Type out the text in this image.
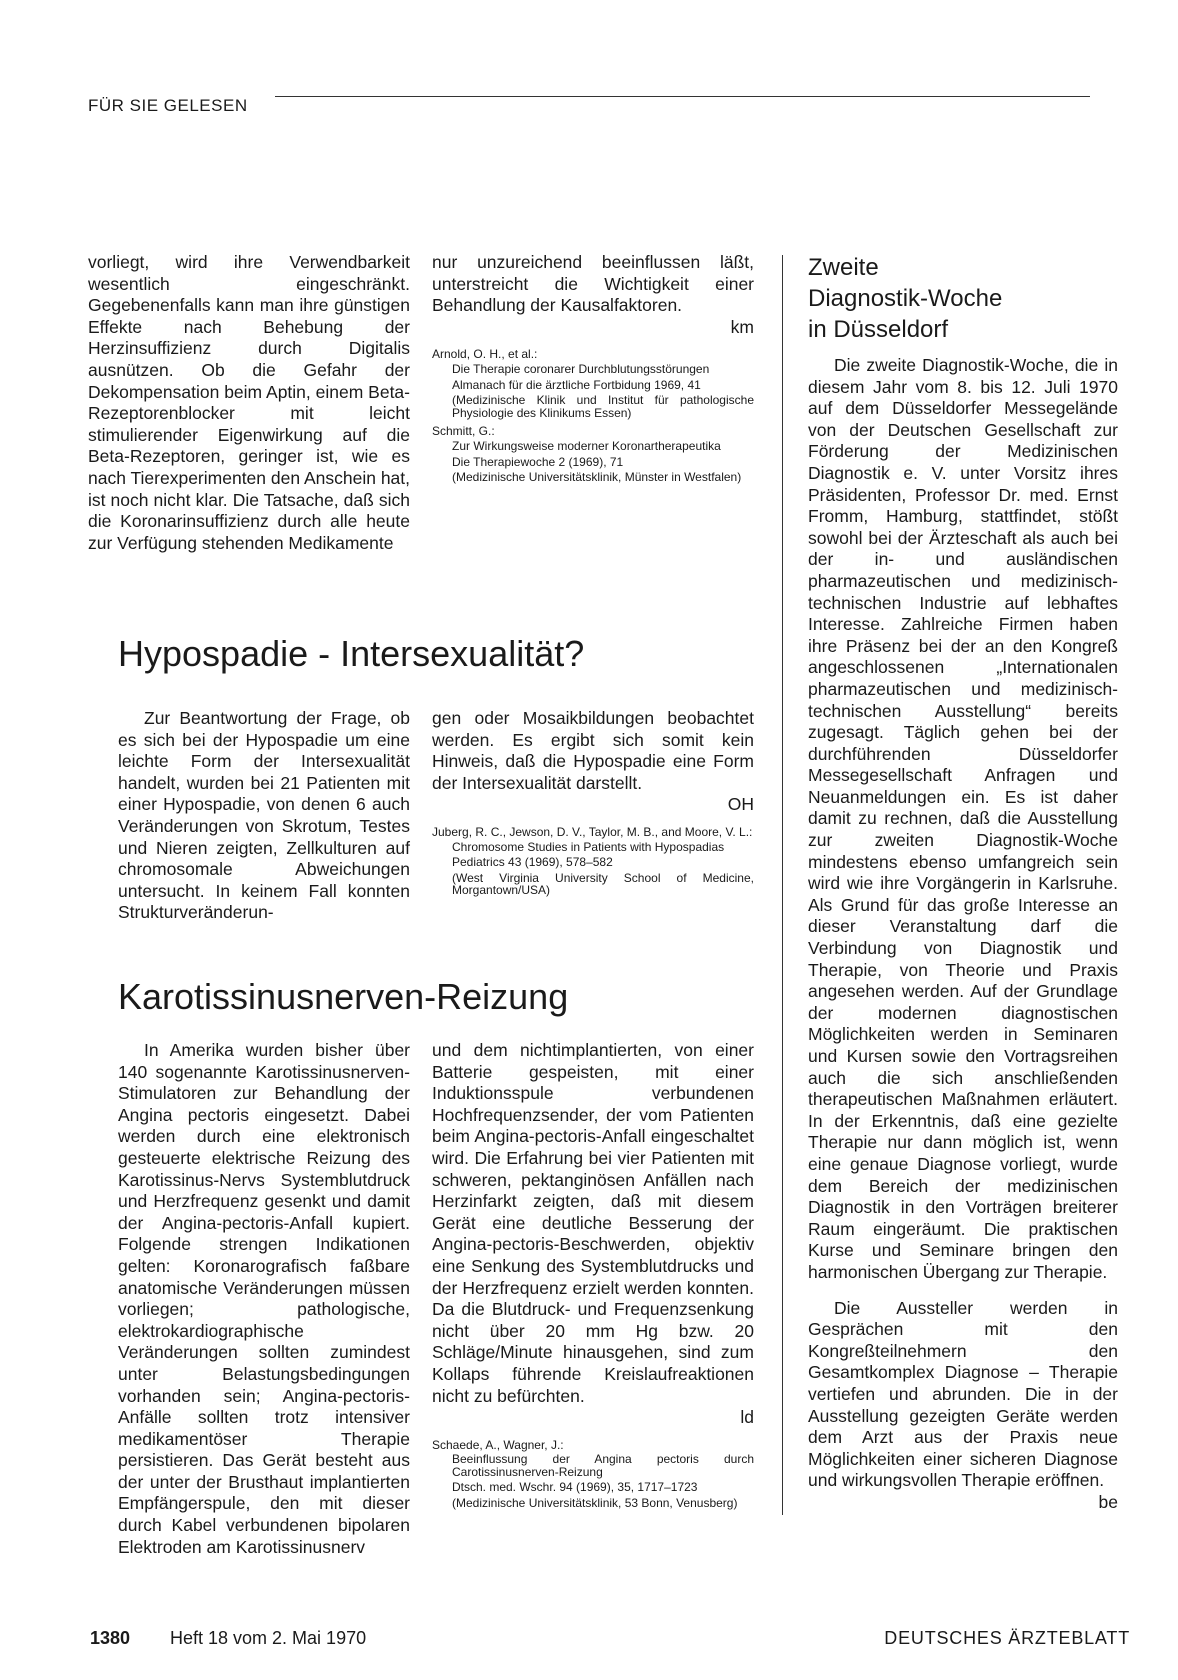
FÜR SIE GELESEN

vorliegt, wird ihre Verwendbarkeit wesentlich eingeschränkt. Gegebenenfalls kann man ihre günstigen Effekte nach Behebung der Herzinsuffizienz durch Digitalis ausnützen. Ob die Gefahr der Dekompensation beim Aptin, einem Beta-Rezeptorenblocker mit leicht stimulierender Eigenwirkung auf die Beta-Rezeptoren, geringer ist, wie es nach Tierexperimenten den Anschein hat, ist noch nicht klar. Die Tatsache, daß sich die Koronarinsuffizienz durch alle heute zur Verfügung stehenden Medikamente

nur unzureichend beeinflussen läßt, unterstreicht die Wichtigkeit einer Behandlung der Kausalfaktoren.
km

Arnold, O. H., et al.:
Die Therapie coronarer Durchblutungsstörungen
Almanach für die ärztliche Fortbidung 1969, 41
(Medizinische Klinik und Institut für pathologische Physiologie des Klinikums Essen)
Schmitt, G.:
Zur Wirkungsweise moderner Koronartherapeutika
Die Therapiewoche 2 (1969), 71
(Medizinische Universitätsklinik, Münster in Westfalen)
Hypospadie - Intersexualität?

Zur Beantwortung der Frage, ob es sich bei der Hypospadie um eine leichte Form der Intersexualität handelt, wurden bei 21 Patienten mit einer Hypospadie, von denen 6 auch Veränderungen von Skrotum, Testes und Nieren zeigten, Zellkulturen auf chromosomale Abweichungen untersucht. In keinem Fall konnten Strukturveränderun-

gen oder Mosaikbildungen beobachtet werden. Es ergibt sich somit kein Hinweis, daß die Hypospadie eine Form der Intersexualität darstellt.
OH

Juberg, R. C., Jewson, D. V., Taylor, M. B., and Moore, V. L.:
Chromosome Studies in Patients with Hypospadias
Pediatrics 43 (1969), 578–582
(West Virginia University School of Medicine, Morgantown/USA)
Karotissinusnerven-Reizung

In Amerika wurden bisher über 140 sogenannte Karotissinusnerven-Stimulatoren zur Behandlung der Angina pectoris eingesetzt. Dabei werden durch eine elektronisch gesteuerte elektrische Reizung des Karotissinus-Nervs Systemblutdruck und Herzfrequenz gesenkt und damit der Angina-pectoris-Anfall kupiert. Folgende strengen Indikationen gelten: Koronarografisch faßbare anatomische Veränderungen müssen vorliegen; pathologische, elektrokardiographische Veränderungen sollten zumindest unter Belastungsbedingungen vorhanden sein; Angina-pectoris-Anfälle sollten trotz intensiver medikamentöser Therapie persistieren. Das Gerät besteht aus der unter der Brusthaut implantierten Empfängerspule, den mit dieser durch Kabel verbundenen bipolaren Elektroden am Karotissinusnerv

und dem nichtimplantierten, von einer Batterie gespeisten, mit einer Induktionsspule verbundenen Hochfrequenzsender, der vom Patienten beim Angina-pectoris-Anfall eingeschaltet wird. Die Erfahrung bei vier Patienten mit schweren, pektanginösen Anfällen nach Herzinfarkt zeigten, daß mit diesem Gerät eine deutliche Besserung der Angina-pectoris-Beschwerden, objektiv eine Senkung des Systemblutdrucks und der Herzfrequenz erzielt werden konnten. Da die Blutdruck- und Frequenzsenkung nicht über 20 mm Hg bzw. 20 Schläge/Minute hinausgehen, sind zum Kollaps führende Kreislaufreaktionen nicht zu befürchten.
ld

Schaede, A., Wagner, J.:
Beeinflussung der Angina pectoris durch Carotissinusnerven-Reizung
Dtsch. med. Wschr. 94 (1969), 35, 1717–1723
(Medizinische Universitätsklinik, 53 Bonn, Venusberg)
Zweite
Diagnostik-Woche
in Düsseldorf

Die zweite Diagnostik-Woche, die in diesem Jahr vom 8. bis 12. Juli 1970 auf dem Düsseldorfer Messegelände von der Deutschen Gesellschaft zur Förderung der Medizinischen Diagnostik e. V. unter Vorsitz ihres Präsidenten, Professor Dr. med. Ernst Fromm, Hamburg, stattfindet, stößt sowohl bei der Ärzteschaft als auch bei der in- und ausländischen pharmazeutischen und medizinisch-technischen Industrie auf lebhaftes Interesse. Zahlreiche Firmen haben ihre Präsenz bei der an den Kongreß angeschlossenen „Internationalen pharmazeutischen und medizinisch-technischen Ausstellung“ bereits zugesagt. Täglich gehen bei der durchführenden Düsseldorfer Messegesellschaft Anfragen und Neuanmeldungen ein. Es ist daher damit zu rechnen, daß die Ausstellung zur zweiten Diagnostik-Woche mindestens ebenso umfangreich sein wird wie ihre Vorgängerin in Karlsruhe. Als Grund für das große Interesse an dieser Veranstaltung darf die Verbindung von Diagnostik und Therapie, von Theorie und Praxis angesehen werden. Auf der Grundlage der modernen diagnostischen Möglichkeiten werden in Seminaren und Kursen sowie den Vortragsreihen auch die sich anschließenden therapeutischen Maßnahmen erläutert. In der Erkenntnis, daß eine gezielte Therapie nur dann möglich ist, wenn eine genaue Diagnose vorliegt, wurde dem Bereich der medizinischen Diagnostik in den Vorträgen breiterer Raum eingeräumt. Die praktischen Kurse und Seminare bringen den harmonischen Übergang zur Therapie.

Die Aussteller werden in Gesprächen mit den Kongreßteilnehmern den Gesamtkomplex Diagnose – Therapie vertiefen und abrunden. Die in der Ausstellung gezeigten Geräte werden dem Arzt aus der Praxis neue Möglichkeiten einer sicheren Diagnose und wirkungsvollen Therapie eröffnen.
be

1380 Heft 18 vom 2. Mai 1970	DEUTSCHES ÄRZTEBLATT
